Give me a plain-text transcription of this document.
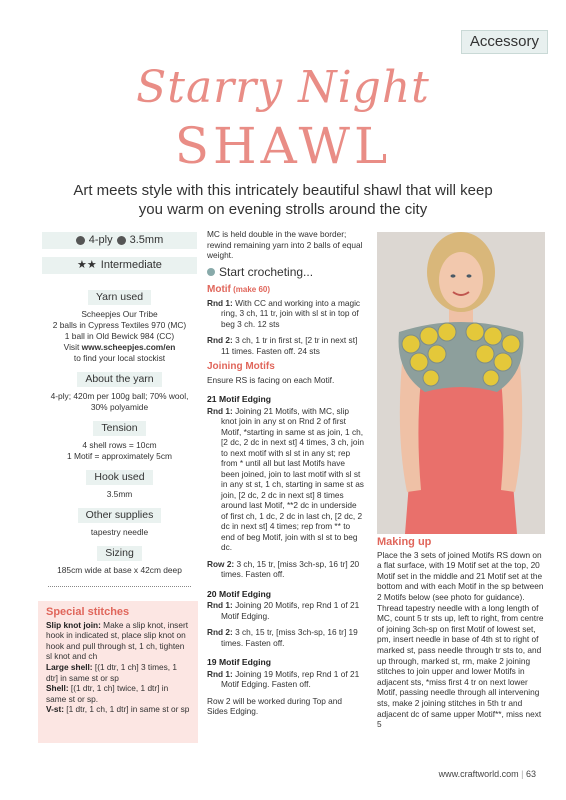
Accessory
Starry Night
SHAWL
Art meets style with this intricately beautiful shawl that will keep you warm on evening strolls around the city
4-ply 3.5mm
★★ Intermediate
Yarn used
Scheepjes Our Tribe
2 balls in Cypress Textiles 970 (MC)
1 ball in Old Bewick 984 (CC)
Visit www.scheepjes.com/en
to find your local stockist
About the yarn
4-ply; 420m per 100g ball; 70% wool, 30% polyamide
Tension
4 shell rows = 10cm
1 Motif = approximately 5cm
Hook used
3.5mm
Other supplies
tapestry needle
Sizing
185cm wide at base x 42cm deep
Special stitches
Slip knot join: Make a slip knot, insert hook in indicated st, place slip knot on hook and pull through st, 1 ch, tighten sl knot and ch
Large shell: [(1 dtr, 1 ch] 3 times, 1 dtr] in same st or sp
Shell: [(1 dtr, 1 ch] twice, 1 dtr] in same st or sp.
V-st: [1 dtr, 1 ch, 1 dtr] in same st or sp

MC is held double in the wave border; rewind remaining yarn into 2 balls of equal weight.

Start crocheting...
Motif (make 60)

Rnd 1: With CC and working into a magic ring, 3 ch, 11 tr, join with sl st in top of beg 3 ch. 12 sts

Rnd 2: 3 ch, 1 tr in first st, [2 tr in next st] 11 times. Fasten off. 24 sts

Joining Motifs

Ensure RS is facing on each Motif.

21 Motif Edging

Rnd 1: Joining 21 Motifs, with MC, slip knot join in any st on Rnd 2 of first Motif, *starting in same st as join, 1 ch, [2 dc, 2 dc in next st] 4 times, 3 ch, join to next motif with sl st in any st; rep from * until all but last Motifs have been joined, join to last motif with sl st in any st st, 1 ch, starting in same st as join, [2 dc, 2 dc in next st] 8 times around last Motif, **2 dc in underside of first ch, 1 dc, 2 dc in last ch, [2 dc, 2 dc in next st] 4 times; rep from ** to end of beg Motif, join with sl st to beg dc.

Row 2: 3 ch, 15 tr, [miss 3ch-sp, 16 tr] 20 times. Fasten off.

20 Motif Edging

Rnd 1: Joining 20 Motifs, rep Rnd 1 of 21 Motif Edging.

Rnd 2: 3 ch, 15 tr, [miss 3ch-sp, 16 tr] 19 times. Fasten off.

19 Motif Edging

Rnd 1: Joining 19 Motifs, rep Rnd 1 of 21 Motif Edging. Fasten off.

Row 2 will be worked during Top and Sides Edging.

Making up
Place the 3 sets of joined Motifs RS down on a flat surface, with 19 Motif set at the top, 20 Motif set in the middle and 21 Motif set at the bottom and with each Motif in the sp between 2 Motifs below (see photo for guidance). Thread tapestry needle with a long length of MC, count 5 tr sts up, left to right, from centre of joining 3ch-sp on first Motif of lowest set, pm, insert needle in base of 4th st to right of marked st, pass needle through tr sts to, and up through, marked st, rm, make 2 joining stitches to join upper and lower Motifs in adjacent sts, *miss first 4 tr on next lower Motif, passing needle through all intervening sts, make 2 joining stitches in 5th tr and adjacent dc of same upper Motif**, miss next 5
www.craftworld.com | 63
